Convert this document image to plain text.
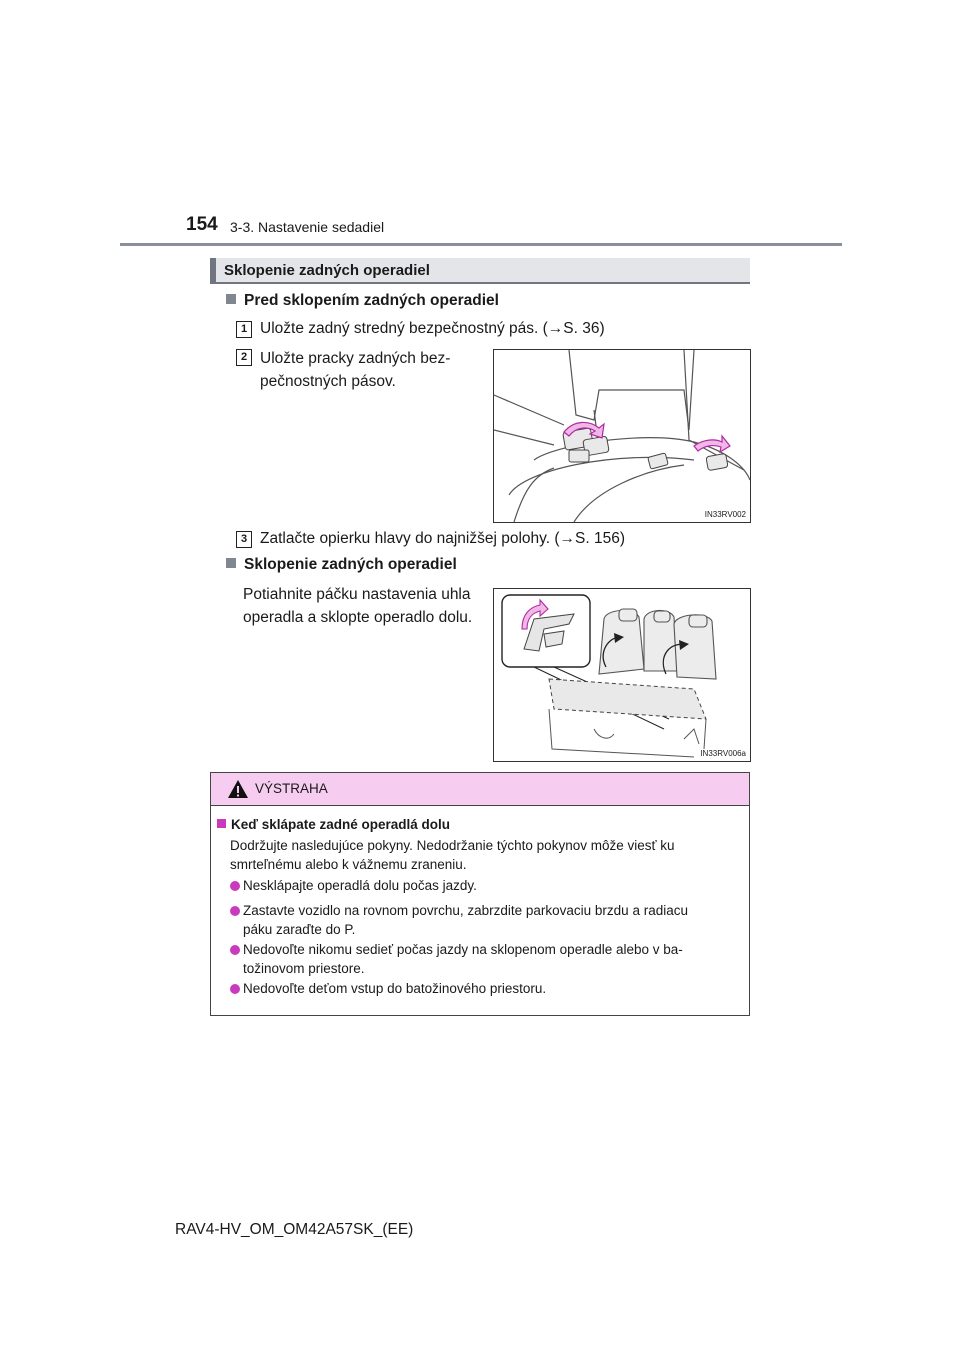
154 3-3. Nastavenie sedadiel
Sklopenie zadných operadiel
Pred sklopením zadných operadiel
1 Uložte zadný stredný bezpečnostný pás. (→S. 36)
2 Uložte pracky zadných bez-
pečnostných pásov.
IN33RV002
3 Zatlačte opierku hlavy do najnižšej polohy. (→S. 156)
Sklopenie zadných operadiel
Potiahnite páčku nastavenia uhla
operadla a sklopte operadlo dolu.
IN33RV006a
VÝSTRAHA
Keď sklápate zadné operadlá dolu
Dodržujte nasledujúce pokyny. Nedodržanie týchto pokynov môže viesť ku
smrteľnému alebo k vážnemu zraneniu.
Nesklápajte operadlá dolu počas jazdy.
Zastavte vozidlo na rovnom povrchu, zabrzdite parkovaciu brzdu a radiacu
páku zaraďte do P.
Nedovoľte nikomu sedieť počas jazdy na sklopenom operadle alebo v ba-
tožinovom priestore.
Nedovoľte deťom vstup do batožinového priestoru.
RAV4-HV_OM_OM42A57SK_(EE)
